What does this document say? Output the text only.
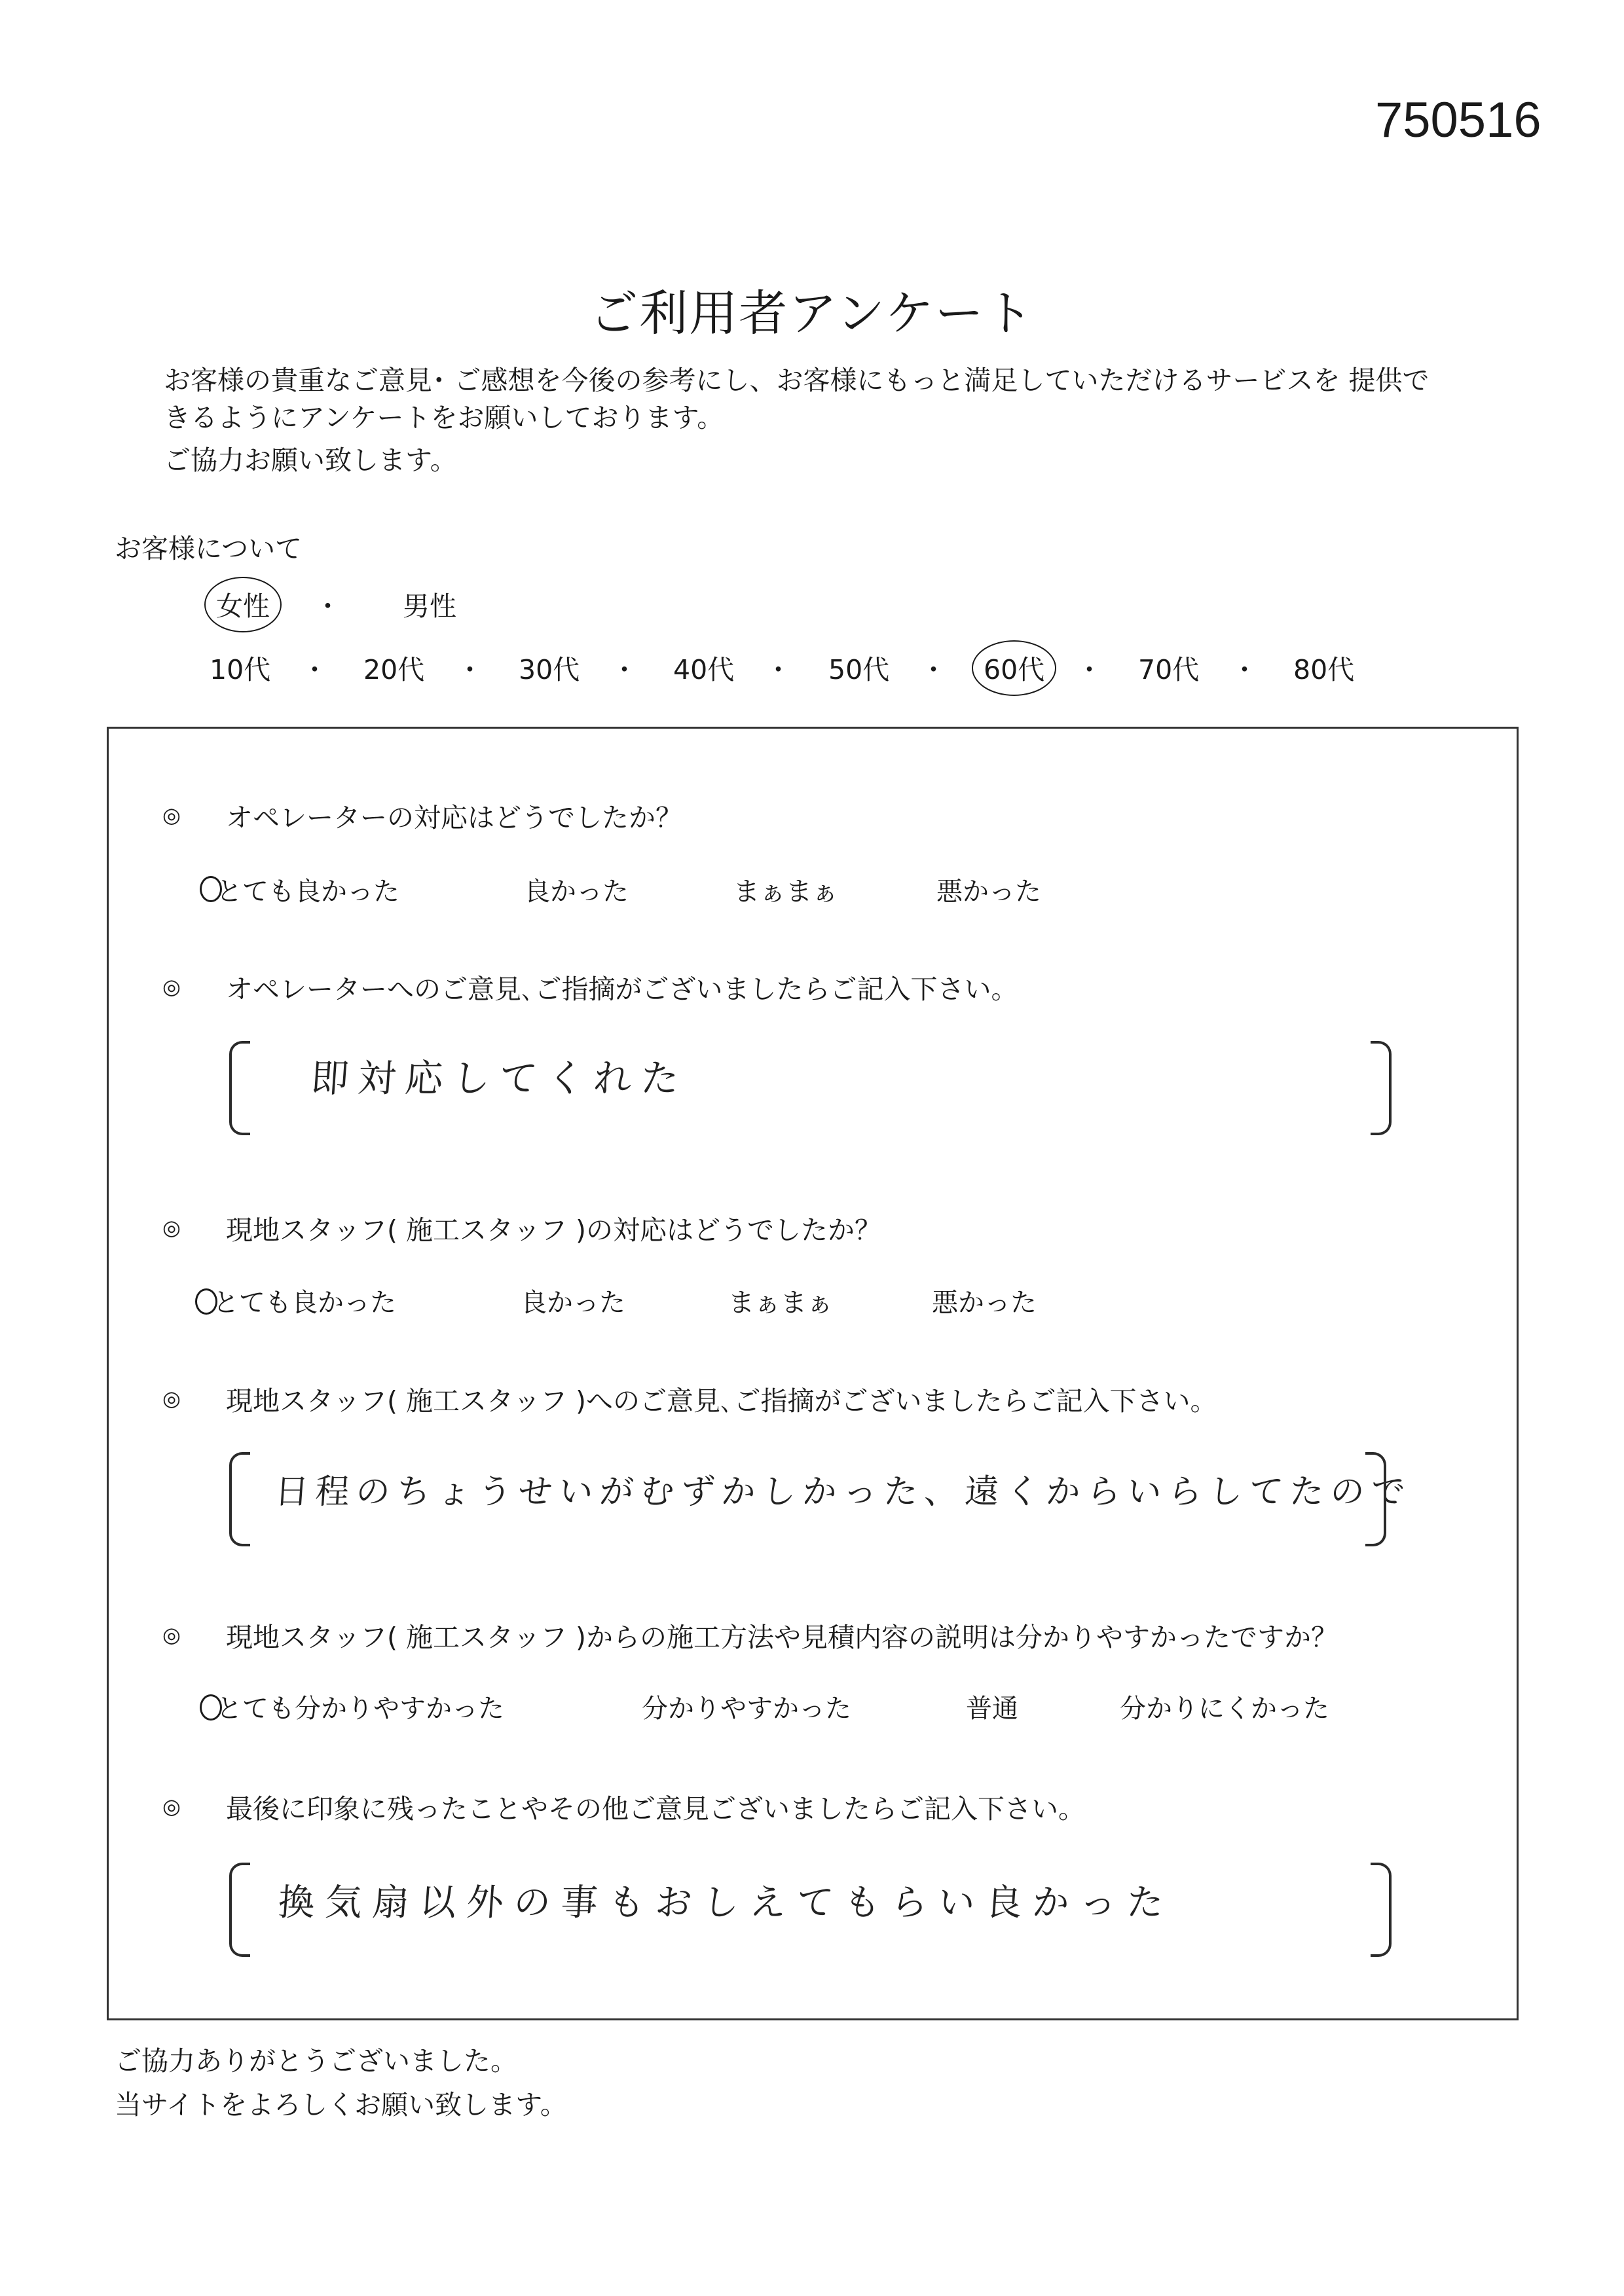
750516
ご利用者アンケート
お客様の貴重なご意見･ ご感想を今後の参考にし、お客様にもっと満足していただけるサービスを 提供で
きるようにアンケートをお願いしております。
ご協力お願い致します。
お客様について
女性 ・ 男性
10代 ・ 20代 ・ 30代 ・ 40代 ・ 50代 ・ 60代 ・ 70代 ・ 80代
◎ オペレーターの対応はどうでしたか？
とても良かった	良かった	まぁまぁ	悪かった
◎ オペレーターへのご意見､ご指摘がございましたらご記入下さい。
即対応してくれた
◎ 現地スタッフ( 施工スタッフ )の対応はどうでしたか？
とても良かった	良かった	まぁまぁ	悪かった
◎ 現地スタッフ( 施工スタッフ )へのご意見､ご指摘がございましたらご記入下さい。
日程のちょうせいがむずかしかった、遠くからいらしてたので
◎ 現地スタッフ( 施工スタッフ )からの施工方法や見積内容の説明は分かりやすかったですか？
とても分かりやすかった	分かりやすかった	普通	分かりにくかった
◎ 最後に印象に残ったことやその他ご意見ございましたらご記入下さい。
換気扇以外の事もおしえてもらい良かった
ご協力ありがとうございました。
当サイトをよろしくお願い致します。
